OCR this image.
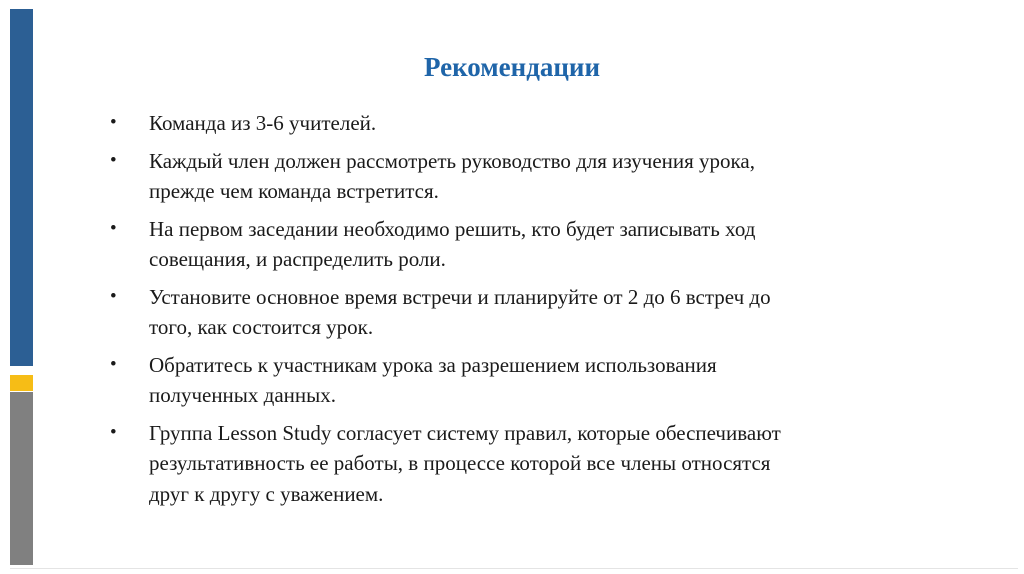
Рекомендации
• Команда из 3-6 учителей.
• Каждый член должен рассмотреть руководство для изучения урока,
прежде чем команда встретится.
• На первом заседании необходимо решить, кто будет записывать ход
совещания, и распределить роли.
• Установите основное время встречи и планируйте от 2 до 6 встреч до
того, как состоится урок.
• Обратитесь к участникам урока за разрешением использования
полученных данных.
• Группа Lesson Study согласует систему правил, которые обеспечивают
результативность ее работы, в процессе которой все члены относятся
друг к другу с уважением.
